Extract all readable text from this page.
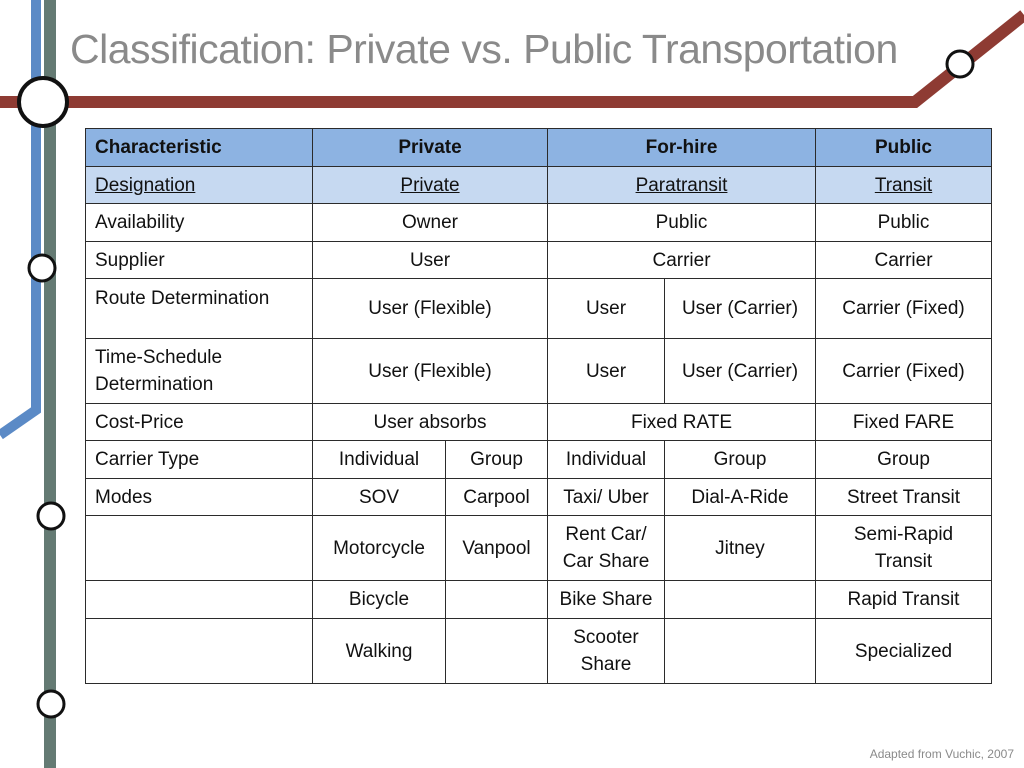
Classification: Private vs. Public Transportation
Characteristic	Private		For-hire		Public
Designation	Private		Paratransit		Transit
Availability	Owner		Public		Public
Supplier	User		Carrier		Carrier
Route Determination	User (Flexible)		User	User (Carrier)	Carrier (Fixed)
Time-Schedule Determination	User (Flexible)		User	User (Carrier)	Carrier (Fixed)
Cost-Price	User absorbs		Fixed RATE		Fixed FARE
Carrier Type	Individual	Group	Individual	Group	Group
Modes	SOV	Carpool	Taxi/ Uber	Dial-A-Ride	Street Transit
	Motorcycle	Vanpool	Rent Car/ Car Share	Jitney	Semi-Rapid Transit
	Bicycle		Bike Share		Rapid Transit
	Walking		Scooter Share		Specialized
Adapted from Vuchic, 2007
